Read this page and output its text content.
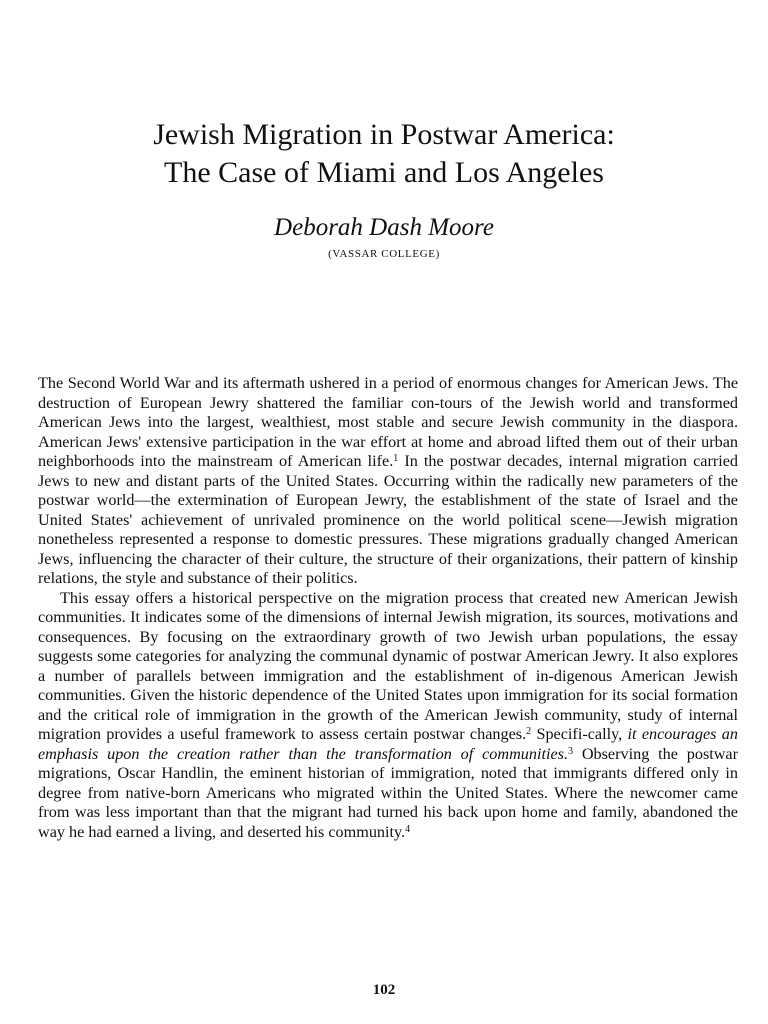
Jewish Migration in Postwar America:
The Case of Miami and Los Angeles

Deborah Dash Moore

(VASSAR COLLEGE)

The Second World War and its aftermath ushered in a period of enormous changes for American Jews. The destruction of European Jewry shattered the familiar con-tours of the Jewish world and transformed American Jews into the largest, wealthiest, most stable and secure Jewish community in the diaspora. American Jews' extensive participation in the war effort at home and abroad lifted them out of their urban neighborhoods into the mainstream of American life.$^1$ In the postwar decades, internal migration carried Jews to new and distant parts of the United States. Occurring within the radically new parameters of the postwar world—the extermination of European Jewry, the establishment of the state of Israel and the United States' achievement of unrivaled prominence on the world political scene—Jewish migration nonetheless represented a response to domestic pressures. These migrations gradually changed American Jews, influencing the character of their culture, the structure of their organizations, their pattern of kinship relations, the style and substance of their politics.

This essay offers a historical perspective on the migration process that created new American Jewish communities. It indicates some of the dimensions of internal Jewish migration, its sources, motivations and consequences. By focusing on the extraordinary growth of two Jewish urban populations, the essay suggests some categories for analyzing the communal dynamic of postwar American Jewry. It also explores a number of parallels between immigration and the establishment of in-digenous American Jewish communities. Given the historic dependence of the United States upon immigration for its social formation and the critical role of immigration in the growth of the American Jewish community, study of internal migration provides a useful framework to assess certain postwar changes.$^2$ Specifi-cally, it encourages an emphasis upon the creation rather than the transformation of communities.$^3$ Observing the postwar migrations, Oscar Handlin, the eminent historian of immigration, noted that immigrants differed only in degree from native-born Americans who migrated within the United States. Where the newcomer came from was less important than that the migrant had turned his back upon home and family, abandoned the way he had earned a living, and deserted his community.$^4$

102
